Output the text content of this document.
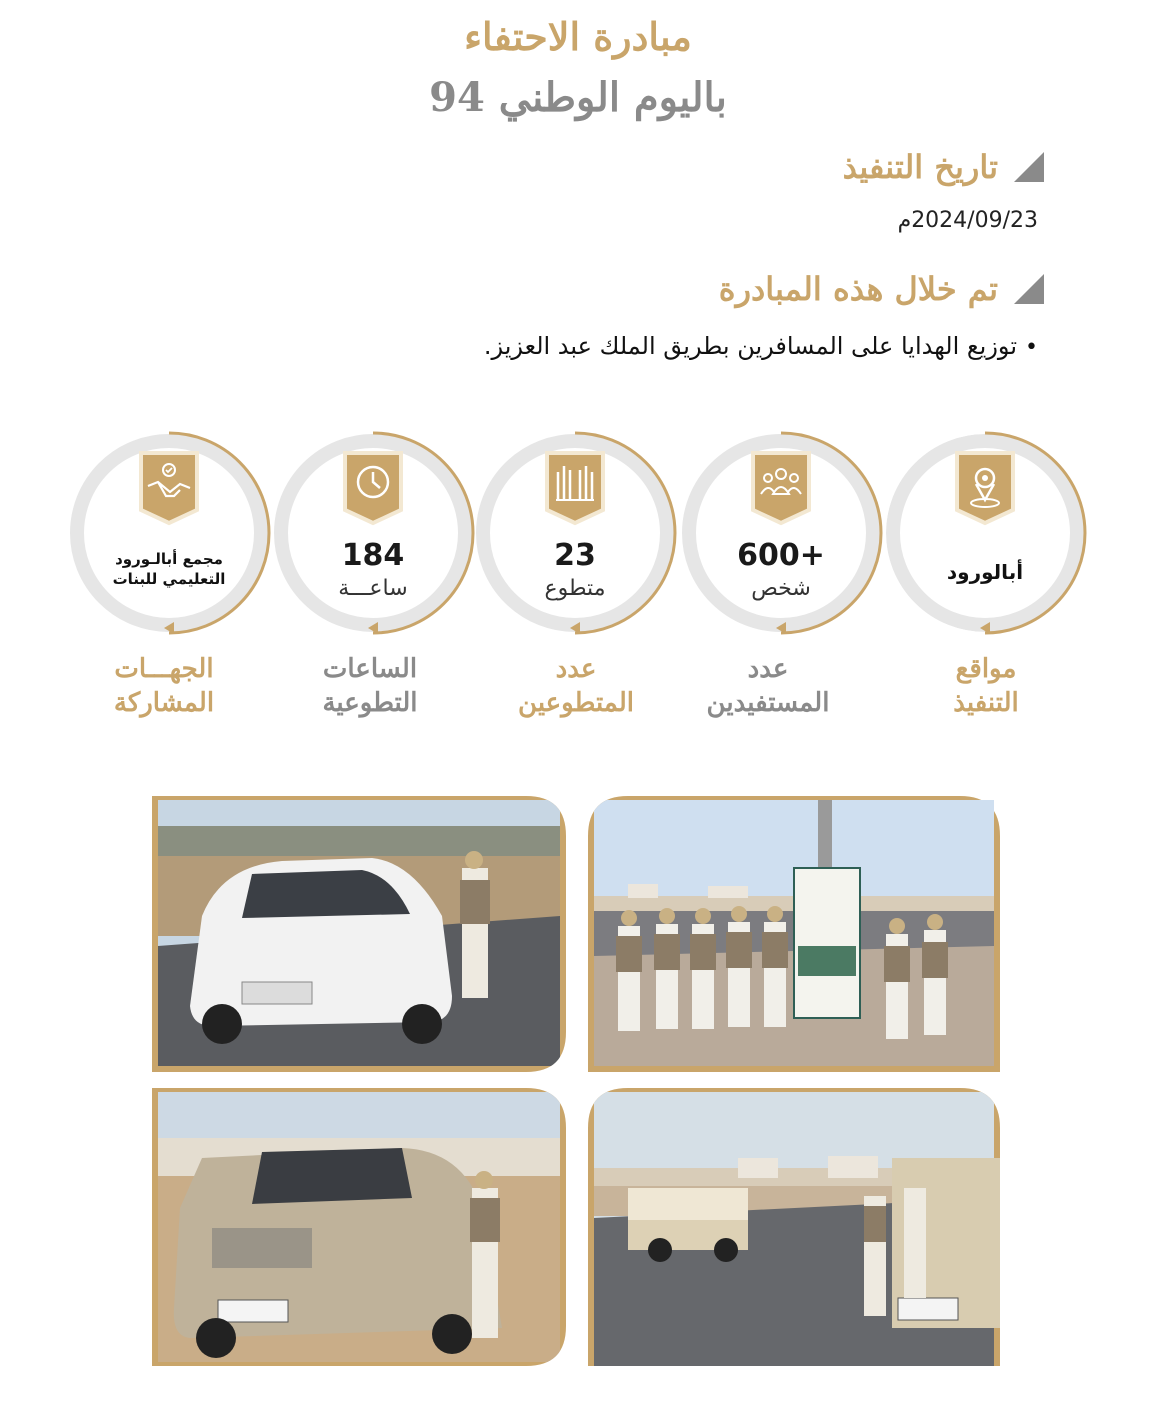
مبادرة الاحتفاء
باليوم الوطني 94
تاريخ التنفيذ
2024/09/23م
تم خلال هذه المبادرة
•
توزيع الهدايا على المسافرين بطريق الملك عبد العزيز.
أبالورود
600+
شخص
23
متطوع
184
ساعـــة
مجمع أبالـورود
التعليمي للبنات
مواقع
التنفيذ
عدد
المستفيدين
عدد
المتطوعين
الساعات
التطوعية
الجهـــات
المشاركة
